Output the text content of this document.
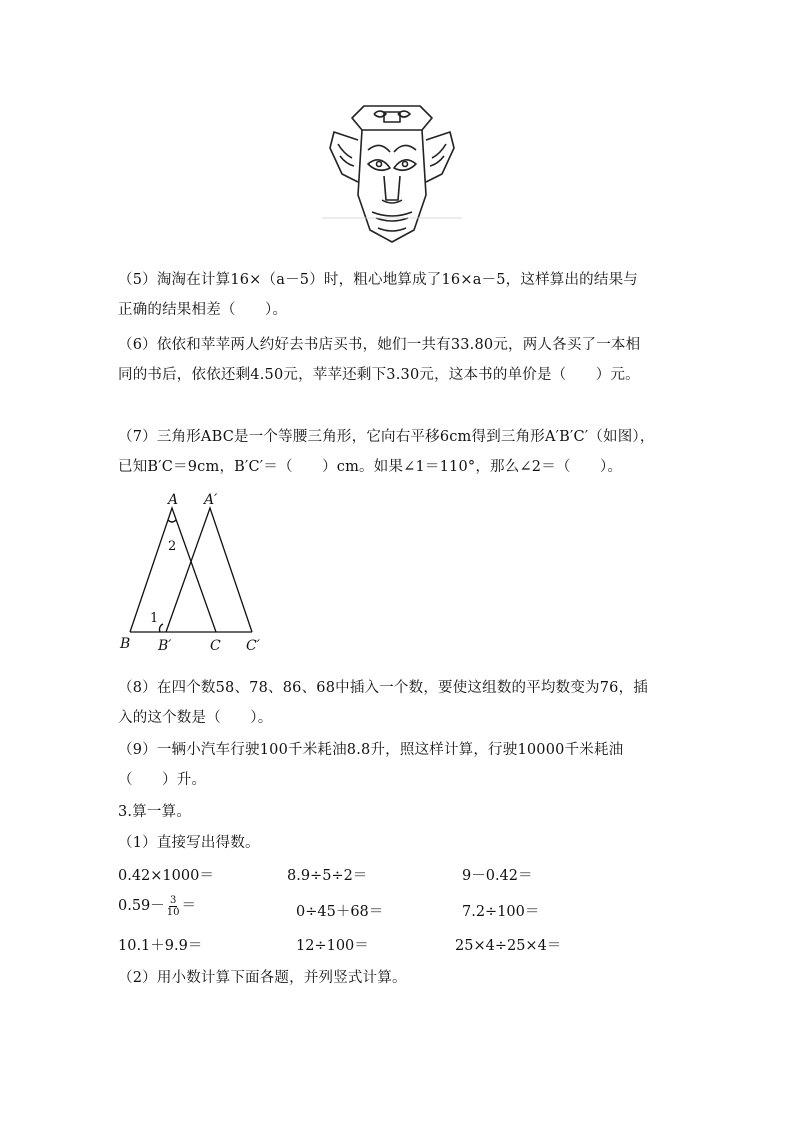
（5）淘淘在计算16×（a－5）时，粗心地算成了16×a－5，这样算出的结果与
正确的结果相差（　　）。
（6）依依和苹苹两人约好去书店买书，她们一共有33.80元，两人各买了一本相
同的书后，依依还剩4.50元，苹苹还剩下3.30元，这本书的单价是（　　）元。
（7）三角形ABC是一个等腰三角形，它向右平移6cm得到三角形A′B′C′（如图），
已知B′C＝9cm，B′C′＝（　　）cm。如果∠1＝110°，那么∠2＝（　　）。
A A′
B B′	C C′
1
2
（8）在四个数58、78、86、68中插入一个数，要使这组数的平均数变为76，插
入的这个数是（　　）。
（9）一辆小汽车行驶100千米耗油8.8升，照这样计算，行驶10000千米耗油
（　　）升。
3.算一算。
（1）直接写出得数。
0.42×1000＝	8.9÷5÷2＝	9－0.42＝
$0.59- \frac{3}{10}$ ＝	0÷45＋68＝	7.2÷100＝
10.1＋9.9＝	12÷100＝	25×4÷25×4＝
（2）用小数计算下面各题，并列竖式计算。
